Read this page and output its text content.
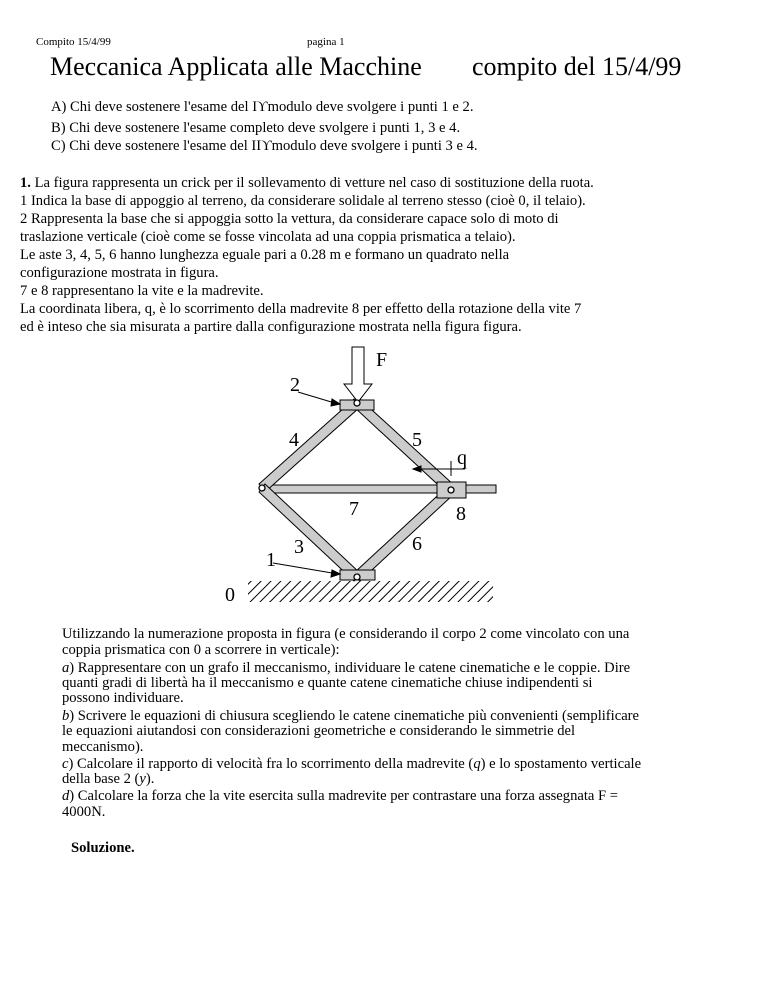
Compito 15/4/99	pagina 1
Meccanica Applicata alle Macchine compito del 15/4/99
A) Chi deve sostenere l'esame del Iϒmodulo deve svolgere i punti 1 e 2.
B) Chi deve sostenere l'esame completo deve svolgere i punti 1, 3 e 4.
C) Chi deve sostenere l'esame del IIϒmodulo deve svolgere i punti 3 e 4.
1. La figura rappresenta un crick per il sollevamento di vetture nel caso di sostituzione della ruota.
1 Indica la base di appoggio al terreno, da considerare solidale al terreno stesso (cioè 0, il telaio).
2 Rappresenta la base che si appoggia sotto la vettura, da considerare capace solo di moto di
traslazione verticale (cioè come se fosse vincolata ad una coppia prismatica a telaio).
Le aste 3, 4, 5, 6 hanno lunghezza eguale pari a 0.28 m e formano un quadrato nella
configurazione mostrata in figura.
7 e 8 rappresentano la vite e la madrevite.
La coordinata libera, q, è lo scorrimento della madrevite 8 per effetto della rotazione della vite 7
ed è inteso che sia misurata a partire dalla configurazione mostrata nella figura figura.
F
2
4	5
q
7	8
6
3
1
0
Utilizzando la numerazione proposta in figura (e considerando il corpo 2 come vincolato con una
coppia prismatica con 0 a scorrere in verticale):
a) Rappresentare con un grafo il meccanismo, individuare le catene cinematiche e le coppie. Dire
quanti gradi di libertà ha il meccanismo e quante catene cinematiche chiuse indipendenti si
possono individuare.
b) Scrivere le equazioni di chiusura scegliendo le catene cinematiche più convenienti (semplificare
le equazioni aiutandosi con considerazioni geometriche e considerando le simmetrie del
meccanismo).
c) Calcolare il rapporto di velocità fra lo scorrimento della madrevite (q) e lo spostamento verticale
della base 2 (y).
d) Calcolare la forza che la vite esercita sulla madrevite per contrastare una forza assegnata F =
4000N.
Soluzione.
